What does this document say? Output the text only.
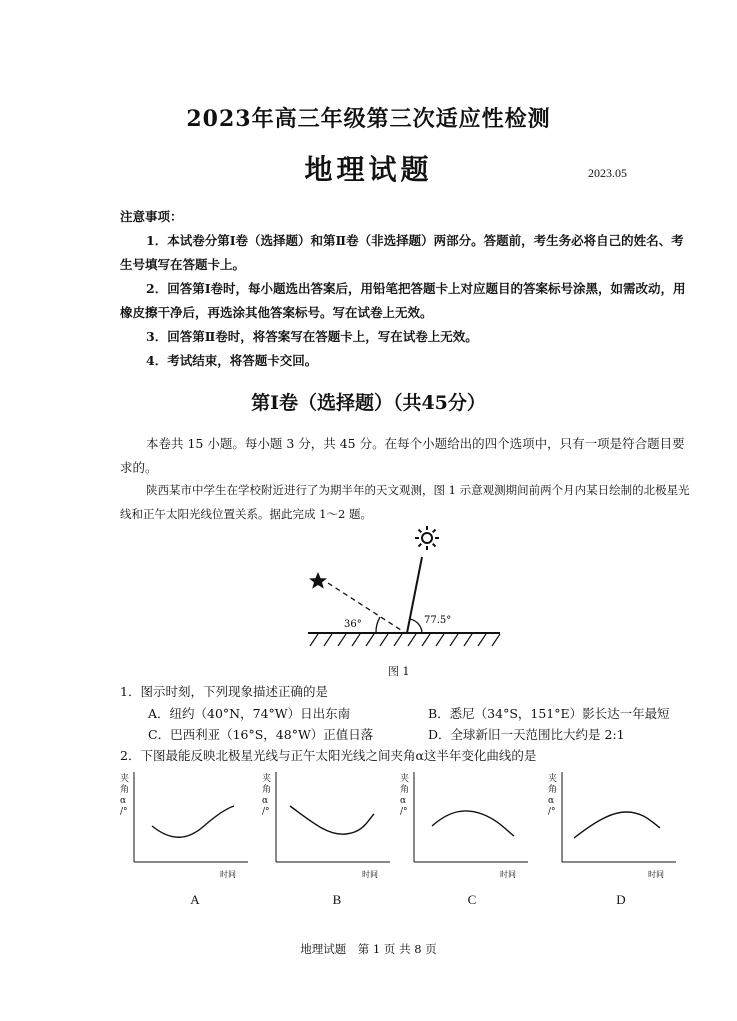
2023年高三年级第三次适应性检测
地理试题	2023.05
注意事项：
1．本试卷分第Ⅰ卷（选择题）和第Ⅱ卷（非选择题）两部分。答题前，考生务必将自己的姓名、考生号填写在答题卡上。
2．回答第Ⅰ卷时，每小题选出答案后，用铅笔把答题卡上对应题目的答案标号涂黑，如需改动，用橡皮擦干净后，再选涂其他答案标号。写在试卷上无效。
3．回答第Ⅱ卷时，将答案写在答题卡上，写在试卷上无效。
4．考试结束，将答题卡交回。
第Ⅰ卷（选择题）（共45分）
本卷共 15 小题。每小题 3 分，共 45 分。在每个小题给出的四个选项中，只有一项是符合题目要求的。
陕西某市中学生在学校附近进行了为期半年的天文观测，图 1 示意观测期间前两个月内某日绘制的北极星光线和正午太阳光线位置关系。据此完成 1～2 题。
36°	77.5°
图 1
1．图示时刻，下列现象描述正确的是
A．纽约（40°N，74°W）日出东南	B．悉尼（34°S，151°E）影长达一年最短
C．巴西利亚（16°S，48°W）正值日落	D．全球新旧一天范围比大约是 2:1
2．下图最能反映北极星光线与正午太阳光线之间夹角α这半年变化曲线的是
夹
角
α
/°
时间
夹
角
α
/°
时间
夹
角
α
/°
时间
夹
角
α
/°
时间
A	B	C	D
地理试题　第 1 页 共 8 页
